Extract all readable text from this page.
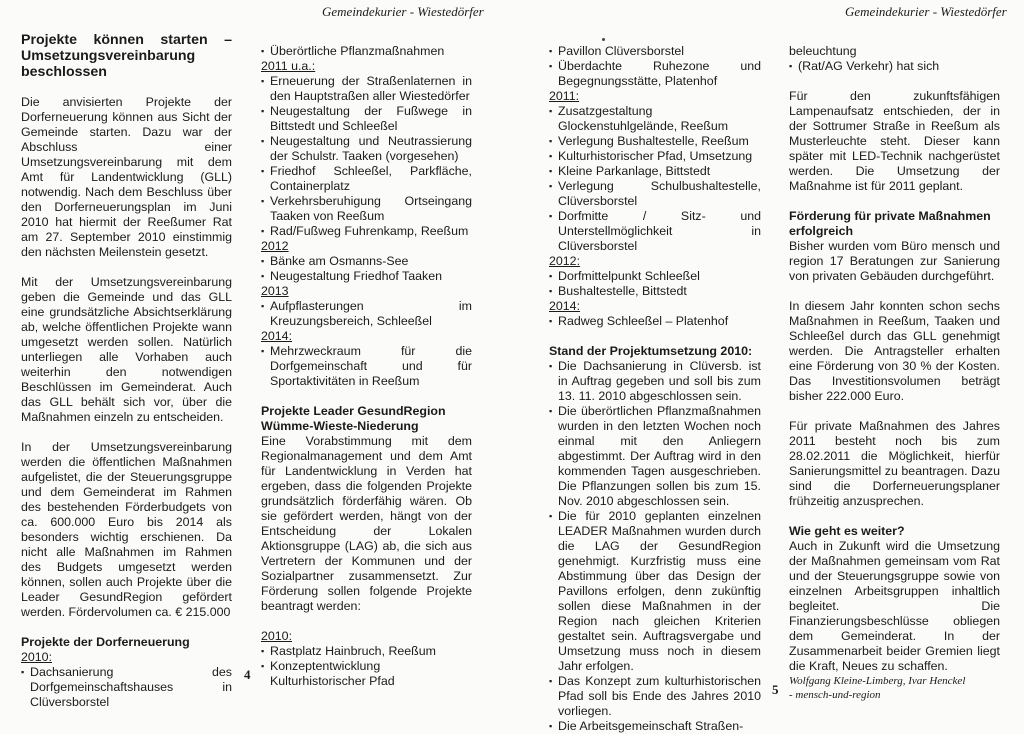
Gemeindekurier - Wiestedörfer	Gemeindekurier - Wiestedörfer

Projekte können starten – Umsetzungsvereinbarung beschlossen

Die anvisierten Projekte der Dorferneuerung können aus Sicht der Gemeinde starten. Dazu war der Abschluss einer Umsetzungsvereinbarung mit dem Amt für Landentwicklung (GLL) notwendig. Nach dem Beschluss über den Dorferneuerungsplan im Juni 2010 hat hiermit der Reeßumer Rat am 27. September 2010 einstimmig den nächsten Meilenstein gesetzt.

Mit der Umsetzungsvereinbarung geben die Gemeinde und das GLL eine grundsätzliche Absichtserklärung ab, welche öffentlichen Projekte wann umgesetzt werden sollen. Natürlich unterliegen alle Vorhaben auch weiterhin den notwendigen Beschlüssen im Gemeinderat. Auch das GLL behält sich vor, über die Maßnahmen einzeln zu entscheiden.

In der Umsetzungsvereinbarung werden die öffentlichen Maßnahmen aufgelistet, die der Steuerungsgruppe und dem Gemeinderat im Rahmen des bestehenden Förderbudgets von ca. 600.000 Euro bis 2014 als besonders wichtig erschienen. Da nicht alle Maßnahmen im Rahmen des Budgets umgesetzt werden können, sollen auch Projekte über die Leader GesundRegion gefördert werden. Fördervolumen ca. € 215.000

Projekte der Dorferneuerung

2010:

▪ Dachsanierung des Dorfgemeinschaftshauses in Clüversborstel

▪ Überörtliche Pflanzmaßnahmen

2011 u.a.:

▪ Erneuerung der Straßenlaternen in den Hauptstraßen aller Wiestedörfer

▪ Neugestaltung der Fußwege in Bittstedt und Schleeßel

▪ Neugestaltung und Neutrassierung der Schulstr. Taaken (vorgesehen)

▪ Friedhof Schleeßel, Parkfläche, Containerplatz

▪ Verkehrsberuhigung Ortseingang Taaken von Reeßum

▪ Rad/Fußweg Fuhrenkamp, Reeßum

2012

▪ Bänke am Osmanns-See

▪ Neugestaltung Friedhof Taaken

2013

▪ Aufpflasterungen im Kreuzungsbereich, Schleeßel

2014:

▪ Mehrzweckraum für die Dorfgemeinschaft und für Sportaktivitäten in Reeßum

Projekte Leader GesundRegion Wümme-Wieste-Niederung

Eine Vorabstimmung mit dem Regionalmanagement und dem Amt für Landentwicklung in Verden hat ergeben, dass die folgenden Projekte grundsätzlich förderfähig wären. Ob sie gefördert werden, hängt von der Entscheidung der Lokalen Aktionsgruppe (LAG) ab, die sich aus Vertretern der Kommunen und der Sozialpartner zusammensetzt. Zur Förderung sollen folgende Projekte beantragt werden:

2010:

▪ Rastplatz Hainbruch, Reeßum

▪ Konzeptentwicklung Kulturhistorischer Pfad

▪ Pavillon Clüversborstel

▪ Überdachte Ruhezone und Begegnungsstätte, Platenhof

2011:

▪ Zusatzgestaltung Glockenstuhlgelände, Reeßum

▪ Verlegung Bushaltestelle, Reeßum

▪ Kulturhistorischer Pfad, Umsetzung

▪ Kleine Parkanlage, Bittstedt

▪ Verlegung Schulbushaltestelle, Clüversborstel

▪ Dorfmitte / Sitz- und Unterstellmöglichkeit in Clüversborstel

2012:

▪ Dorfmittelpunkt Schleeßel

▪ Bushaltestelle, Bittstedt

2014:

▪ Radweg Schleeßel – Platenhof

Stand der Projektumsetzung 2010:

▪ Die Dachsanierung in Clüversb. ist in Auftrag gegeben und soll bis zum 13. 11. 2010 abgeschlossen sein.

▪ Die überörtlichen Pflanzmaßnahmen wurden in den letzten Wochen noch einmal mit den Anliegern abgestimmt. Der Auftrag wird in den kommenden Tagen ausgeschrieben. Die Pflanzungen sollen bis zum 15. Nov. 2010 abgeschlossen sein.

▪ Die für 2010 geplanten einzelnen LEADER Maßnahmen wurden durch die LAG der GesundRegion genehmigt. Kurzfristig muss eine Abstimmung über das Design der Pavillons erfolgen, denn zukünftig sollen diese Maßnahmen in der Region nach gleichen Kriterien gestaltet sein. Auftragsvergabe und Umsetzung muss noch in diesem Jahr erfolgen.

▪ Das Konzept zum kulturhistorischen Pfad soll bis Ende des Jahres 2010 vorliegen.

▪ Die Arbeitsgemeinschaft Straßen-

beleuchtung

▪ (Rat/AG Verkehr) hat sich

Für den zukunftsfähigen Lampenaufsatz entschieden, der in der Sottrumer Straße in Reeßum als Musterleuchte steht. Dieser kann später mit LED-Technik nachgerüstet werden. Die Umsetzung der Maßnahme ist für 2011 geplant.

Förderung für private Maßnahmen erfolgreich

Bisher wurden vom Büro mensch und region 17 Beratungen zur Sanierung von privaten Gebäuden durchgeführt.

In diesem Jahr konnten schon sechs Maßnahmen in Reeßum, Taaken und Schleeßel durch das GLL genehmigt werden. Die Antragsteller erhalten eine Förderung von 30 % der Kosten. Das Investitionsvolumen beträgt bisher 222.000 Euro.

Für private Maßnahmen des Jahres 2011 besteht noch bis zum 28.02.2011 die Möglichkeit, hierfür Sanierungsmittel zu beantragen. Dazu sind die Dorferneuerungsplaner frühzeitig anzusprechen.

Wie geht es weiter?

Auch in Zukunft wird die Umsetzung der Maßnahmen gemeinsam vom Rat und der Steuerungsgruppe sowie von einzelnen Arbeitsgruppen inhaltlich begleitet. Die Finanzierungsbeschlüsse obliegen dem Gemeinderat. In der Zusammenarbeit beider Gremien liegt die Kraft, Neues zu schaffen.

Wolfgang Kleine-Limberg, Ivar Henckel

- mensch-und-region

4
5
